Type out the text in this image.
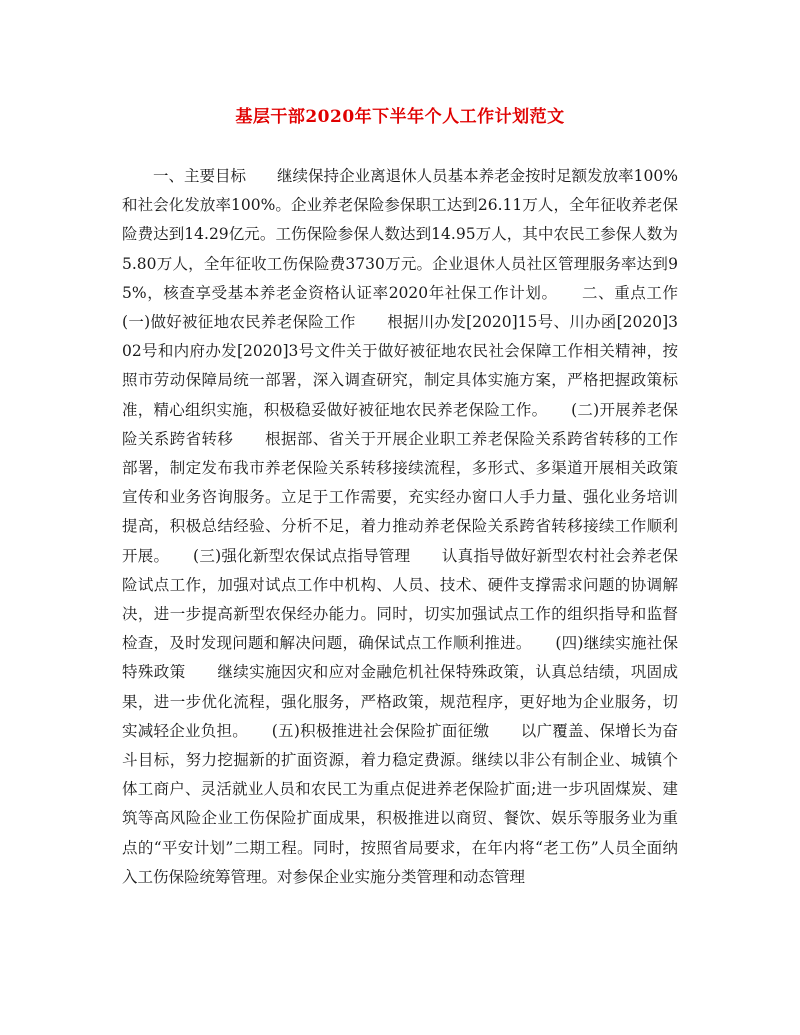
基层干部2020年下半年个人工作计划范文

一、主要目标　　继续保持企业离退休人员基本养老金按时足额发放率100%和社会化发放率100%。企业养老保险参保职工达到26.11万人，全年征收养老保险费达到14.29亿元。工伤保险参保人数达到14.95万人，其中农民工参保人数为5.80万人，全年征收工伤保险费3730万元。企业退休人员社区管理服务率达到95%，核查享受基本养老金资格认证率2020年社保工作计划。　　二、重点工作　　(一)做好被征地农民养老保险工作　　根据川办发[2020]15号、川办函[2020]302号和内府办发[2020]3号文件关于做好被征地农民社会保障工作相关精神，按照市劳动保障局统一部署，深入调查研究，制定具体实施方案，严格把握政策标准，精心组织实施，积极稳妥做好被征地农民养老保险工作。　　(二)开展养老保险关系跨省转移　　根据部、省关于开展企业职工养老保险关系跨省转移的工作部署，制定发布我市养老保险关系转移接续流程，多形式、多渠道开展相关政策宣传和业务咨询服务。立足于工作需要，充实经办窗口人手力量、强化业务培训提高，积极总结经验、分析不足，着力推动养老保险关系跨省转移接续工作顺利开展。　　(三)强化新型农保试点指导管理　　认真指导做好新型农村社会养老保险试点工作，加强对试点工作中机构、人员、技术、硬件支撑需求问题的协调解决，进一步提高新型农保经办能力。同时，切实加强试点工作的组织指导和监督检查，及时发现问题和解决问题，确保试点工作顺利推进。　　(四)继续实施社保特殊政策　　继续实施因灾和应对金融危机社保特殊政策，认真总结绩，巩固成果，进一步优化流程，强化服务，严格政策，规范程序，更好地为企业服务，切实减轻企业负担。　　(五)积极推进社会保险扩面征缴　　以广覆盖、保增长为奋斗目标，努力挖掘新的扩面资源，着力稳定费源。继续以非公有制企业、城镇个体工商户、灵活就业人员和农民工为重点促进养老保险扩面;进一步巩固煤炭、建筑等高风险企业工伤保险扩面成果，积极推进以商贸、餐饮、娱乐等服务业为重点的“平安计划”二期工程。同时，按照省局要求，在年内将“老工伤”人员全面纳入工伤保险统筹管理。对参保企业实施分类管理和动态管理
